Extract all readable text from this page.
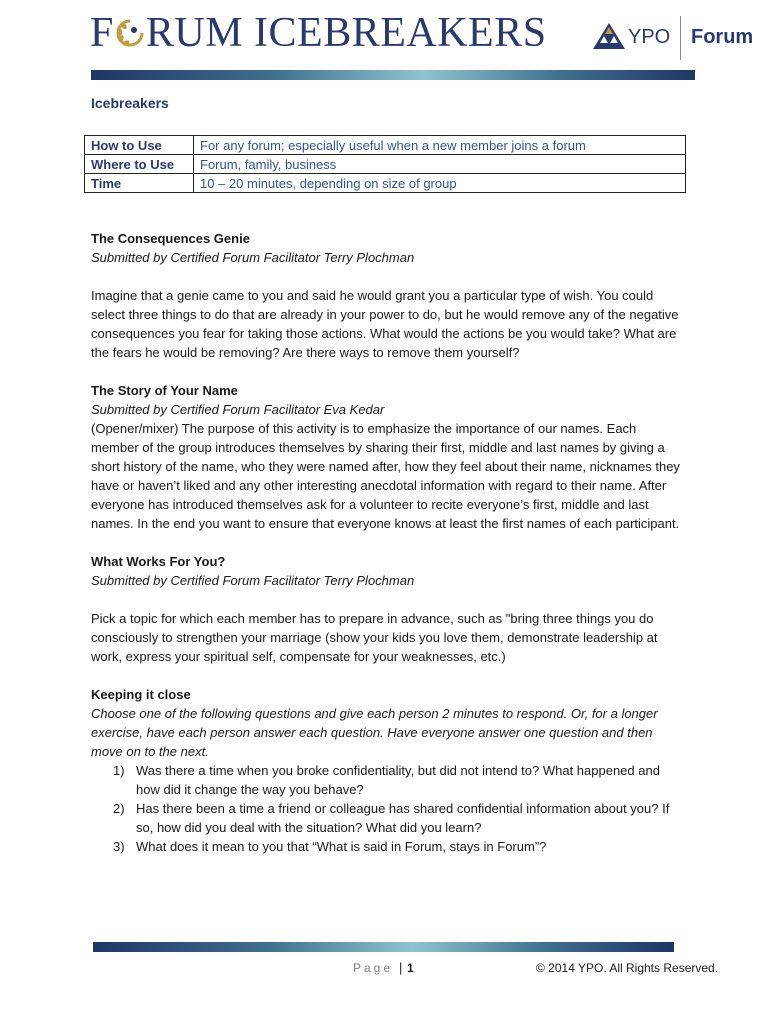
F RUM ICEBREAKERS	YPO Forum
Icebreakers
How to Use	For any forum; especially useful when a new member joins a forum
Where to Use	Forum, family, business
Time	10 – 20 minutes, depending on size of group

The Consequences Genie

Submitted by Certified Forum Facilitator Terry Plochman

Imagine that a genie came to you and said he would grant you a particular type of wish. You could select three things to do that are already in your power to do, but he would remove any of the negative consequences you fear for taking those actions. What would the actions be you would take? What are the fears he would be removing? Are there ways to remove them yourself?

The Story of Your Name

Submitted by Certified Forum Facilitator Eva Kedar

(Opener/mixer) The purpose of this activity is to emphasize the importance of our names. Each member of the group introduces themselves by sharing their first, middle and last names by giving a short history of the name, who they were named after, how they feel about their name, nicknames they have or haven’t liked and any other interesting anecdotal information with regard to their name. After everyone has introduced themselves ask for a volunteer to recite everyone’s first, middle and last names. In the end you want to ensure that everyone knows at least the first names of each participant.

What Works For You?

Submitted by Certified Forum Facilitator Terry Plochman

Pick a topic for which each member has to prepare in advance, such as "bring three things you do consciously to strengthen your marriage (show your kids you love them, demonstrate leadership at work, express your spiritual self, compensate for your weaknesses, etc.)

Keeping it close

Choose one of the following questions and give each person 2 minutes to respond. Or, for a longer exercise, have each person answer each question. Have everyone answer one question and then move on to the next.

1) Was there a time when you broke confidentiality, but did not intend to? What happened and how did it change the way you behave?
2) Has there been a time a friend or colleague has shared confidential information about you? If so, how did you deal with the situation? What did you learn?
3) What does it mean to you that “What is said in Forum, stays in Forum”?
Page | 1	© 2014 YPO. All Rights Reserved.
